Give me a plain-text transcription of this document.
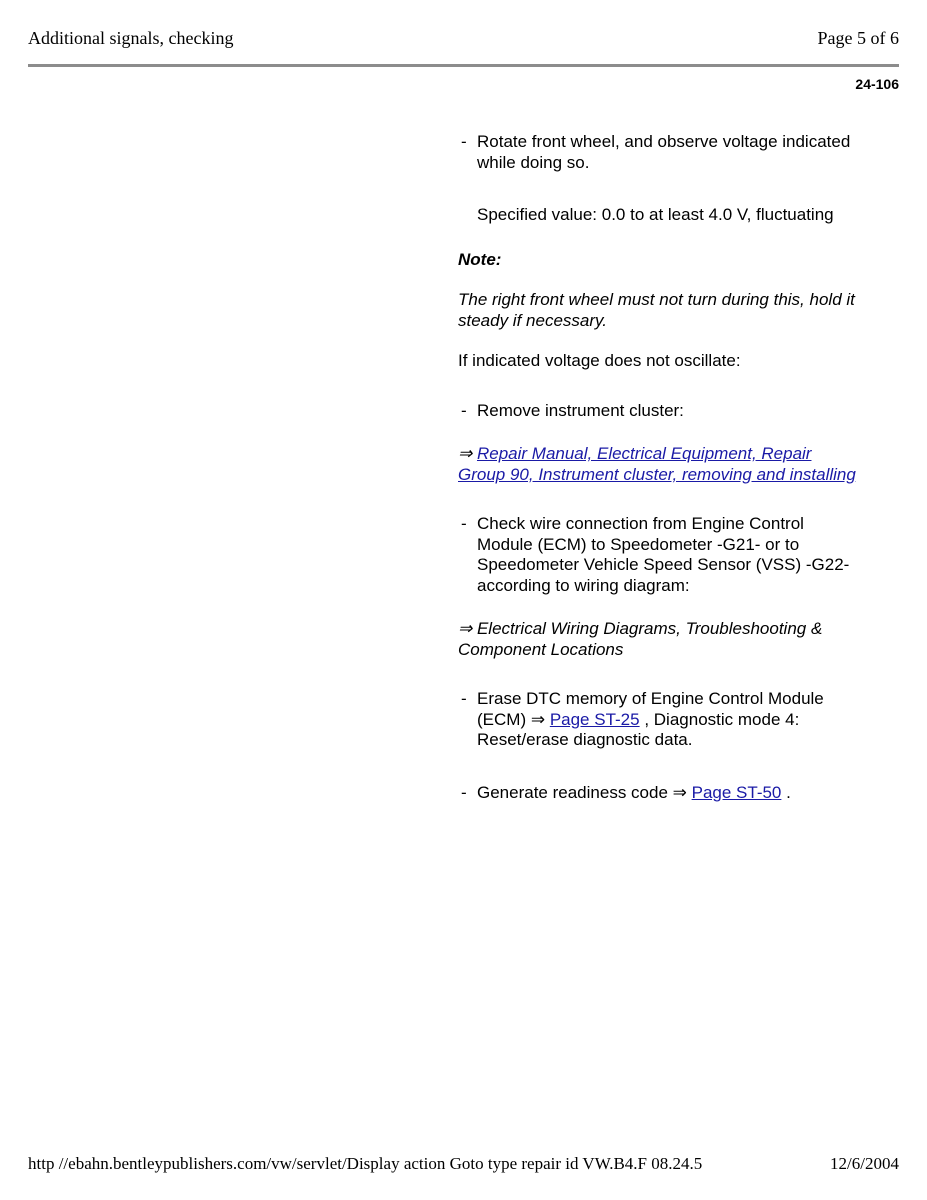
Additional signals, checking	Page 5 of 6
24-106
- Rotate front wheel, and observe voltage indicated while doing so.
Specified value: 0.0 to at least 4.0 V, fluctuating
Note:
The right front wheel must not turn during this, hold it steady if necessary.
If indicated voltage does not oscillate:
- Remove instrument cluster:
⇒ Repair Manual, Electrical Equipment, Repair Group 90, Instrument cluster, removing and installing
- Check wire connection from Engine Control Module (ECM) to Speedometer -G21- or to Speedometer Vehicle Speed Sensor (VSS) -G22- according to wiring diagram:
⇒ Electrical Wiring Diagrams, Troubleshooting & Component Locations
- Erase DTC memory of Engine Control Module (ECM) ⇒ Page ST-25 , Diagnostic mode 4: Reset/erase diagnostic data.
- Generate readiness code ⇒ Page ST-50 .
http //ebahn.bentleypublishers.com/vw/servlet/Display action Goto type repair id VW.B4.F 08.24.5	12/6/2004
